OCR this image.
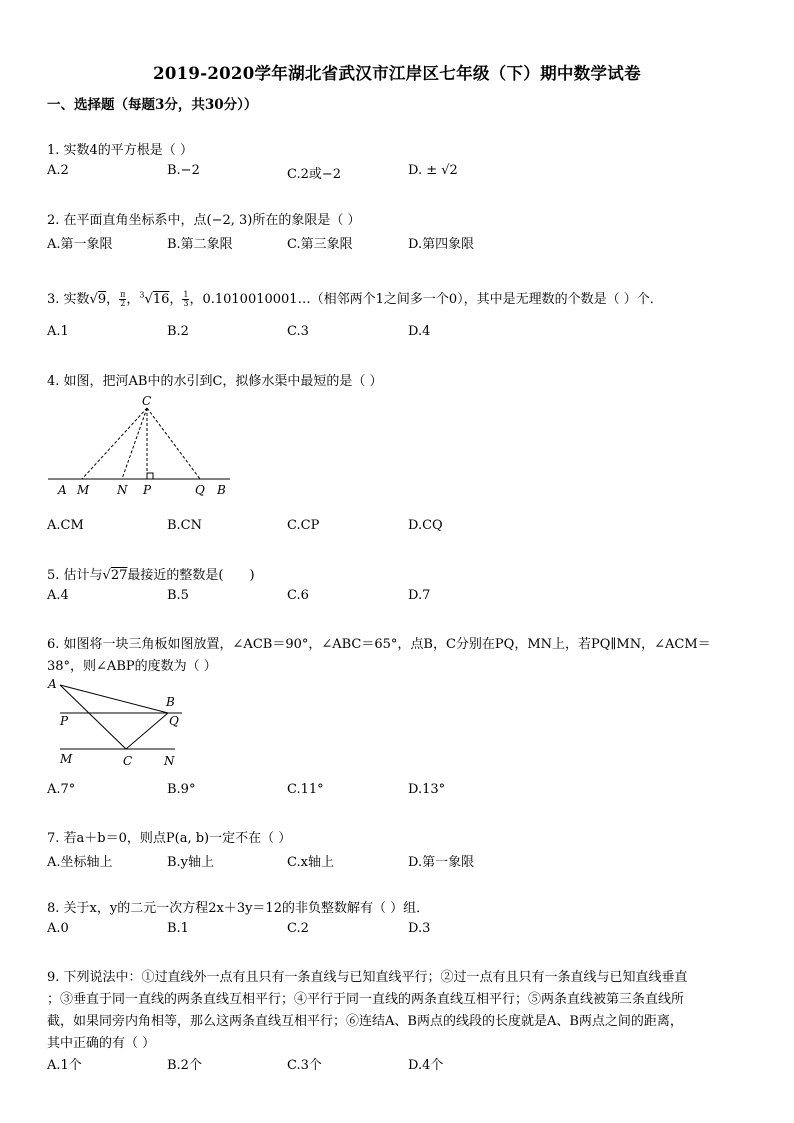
2019-2020学年湖北省武汉市江岸区七年级（下）期中数学试卷
一、选择题（每题3分，共30分））
1. 实数4的平方根是（ ）
A.2	B.−2	C.2或−2	D. ± √2
2. 在平面直角坐标系中，点(−2, 3)所在的象限是（ ）
A.第一象限	B.第二象限	C.第三象限	D.第四象限
3. 实数√9， $\frac{\pi}{2}$ ，$^3$√16， $\frac{1}{3}$ ，0.1010010001…（相邻两个1之间多一个0），其中是无理数的个数是（ ）个．
A.1	B.2	C.3	D.4
4. 如图，把河AB中的水引到C，拟修水渠中最短的是（ ）
C
A M N P	Q B
A.CM	B.CN	C.CP	D.CQ
5. 估计与√27最接近的整数是(　　)
A.4	B.5	C.6	D.7
6. 如图将一块三角板如图放置，∠ACB＝90°，∠ABC＝65°，点B，C分别在PQ，MN上，若PQ∥MN，∠ACM＝
38°，则∠ABP的度数为（ ）
A
B
P	Q
M	C	N
A.7°	B.9°	C.11°	D.13°
7. 若a＋b＝0，则点P(a, b)一定不在（ ）
A.坐标轴上	B.y轴上	C.x轴上	D.第一象限
8. 关于x，y的二元一次方程2x＋3y＝12的非负整数解有（ ）组．
A.0	B.1	C.2	D.3
9. 下列说法中：①过直线外一点有且只有一条直线与已知直线平行；②过一点有且只有一条直线与已知直线垂直
；③垂直于同一直线的两条直线互相平行；④平行于同一直线的两条直线互相平行；⑤两条直线被第三条直线所
截，如果同旁内角相等，那么这两条直线互相平行；⑥连结A、B两点的线段的长度就是A、B两点之间的距离，
其中正确的有（ ）
A.1个	B.2个	C.3个	D.4个
